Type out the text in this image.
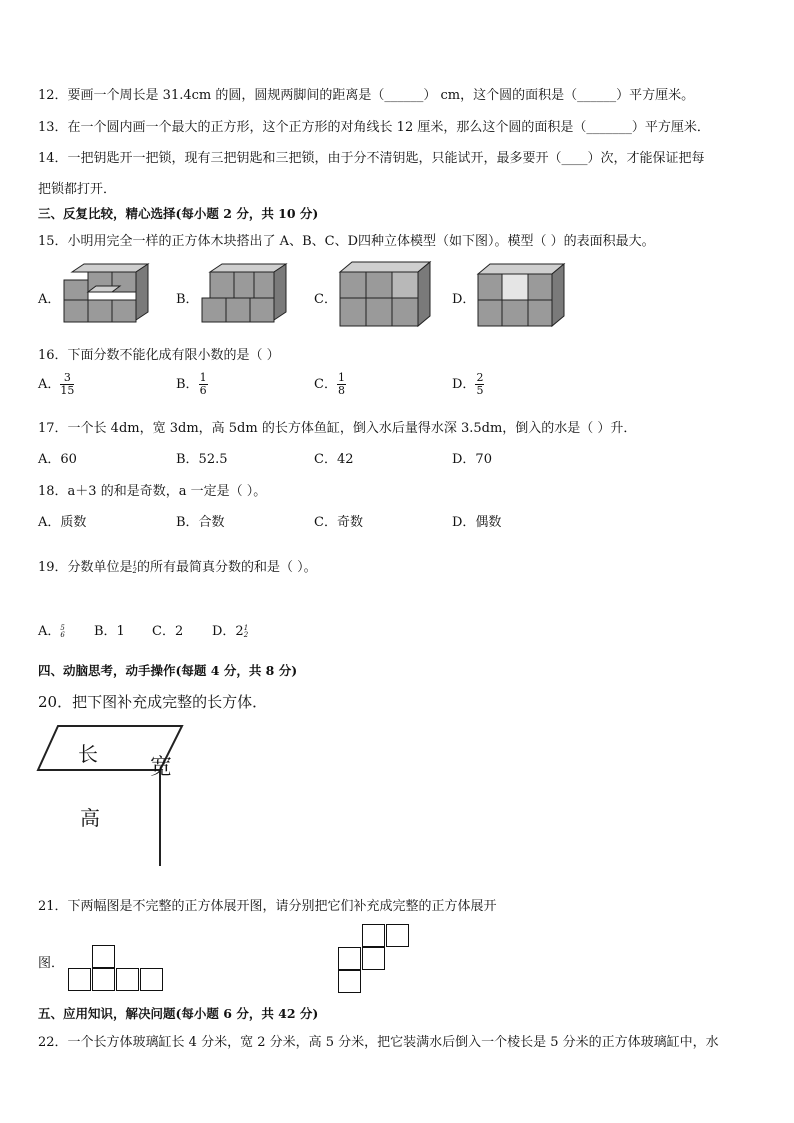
12．要画一个周长是 31.4cm 的圆，圆规两脚间的距离是（______） cm，这个圆的面积是（______）平方厘米。
13．在一个圆内画一个最大的正方形，这个正方形的对角线长 12 厘米，那么这个圆的面积是（_______）平方厘米．
14．一把钥匙开一把锁，现有三把钥匙和三把锁，由于分不清钥匙，只能试开，最多要开（____）次，才能保证把每
把锁都打开．
三、反复比较，精心选择(每小题 2 分，共 10 分)
15．小明用完全一样的正方体木块搭出了 A、B、C、D四种立体模型（如下图）。模型（ ）的表面积最大。
A．	B．	C．	D．
16．下面分数不能化成有限小数的是（ ）
A． $\frac{3}{15}$	B． $\frac{1}{6}$	C． $\frac{1}{8}$	D． $\frac{2}{5}$
17．一个长 4dm，宽 3dm，高 5dm 的长方体鱼缸，倒入水后量得水深 3.5dm，倒入的水是（ ）升．
A．60	B．52.5	C．42	D．70
18．a＋3 的和是奇数，a 一定是（ ）。
A．质数	B．合数	C．奇数	D．偶数
19．分数单位是 1
2 的所有最简真分数的和是（ ）。
A． 5
6 B．1 C．2 D．2 1
2
四、动脑思考，动手操作(每题 4 分，共 8 分)
20．把下图补充成完整的长方体．
长
宽
高
21．下两幅图是不完整的正方体展开图，请分别把它们补充成完整的正方体展开
图．
五、应用知识，解决问题(每小题 6 分，共 42 分)
22．一个长方体玻璃缸长 4 分米，宽 2 分米，高 5 分米，把它装满水后倒入一个棱长是 5 分米的正方体玻璃缸中，水
